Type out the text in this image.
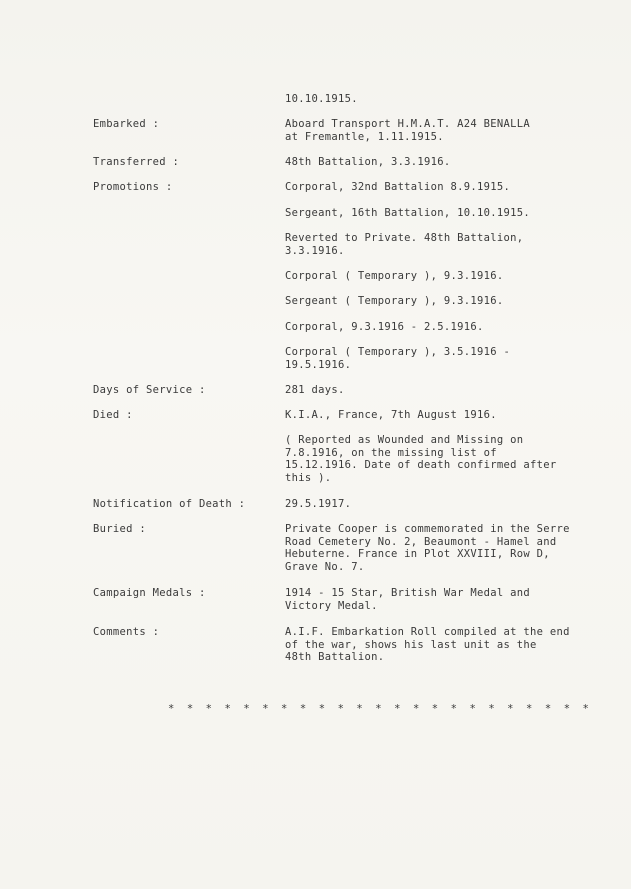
10.10.1915.
Embarked :	Aboard Transport H.M.A.T. A24 BENALLA
at Fremantle, 1.11.1915.
Transferred :	48th Battalion, 3.3.1916.
Promotions :	Corporal, 32nd Battalion 8.9.1915.
Sergeant, 16th Battalion, 10.10.1915.
Reverted to Private. 48th Battalion,
3.3.1916.
Corporal ( Temporary ), 9.3.1916.
Sergeant ( Temporary ), 9.3.1916.
Corporal, 9.3.1916 - 2.5.1916.
Corporal ( Temporary ), 3.5.1916 -
19.5.1916.
Days of Service :	281 days.
Died :	K.I.A., France, 7th August 1916.
( Reported as Wounded and Missing on
7.8.1916, on the missing list of
15.12.1916. Date of death confirmed after
this ).
Notification of Death :	29.5.1917.
Buried :	Private Cooper is commemorated in the Serre
Road Cemetery No. 2, Beaumont - Hamel and
Hebuterne. France in Plot XXVIII, Row D,
Grave No. 7.
Campaign Medals :	1914 - 15 Star, British War Medal and
Victory Medal.
Comments :	A.I.F. Embarkation Roll compiled at the end
of the war, shows his last unit as the
48th Battalion.
* * * * * * * * * * * * * * * * * * * * * * *
